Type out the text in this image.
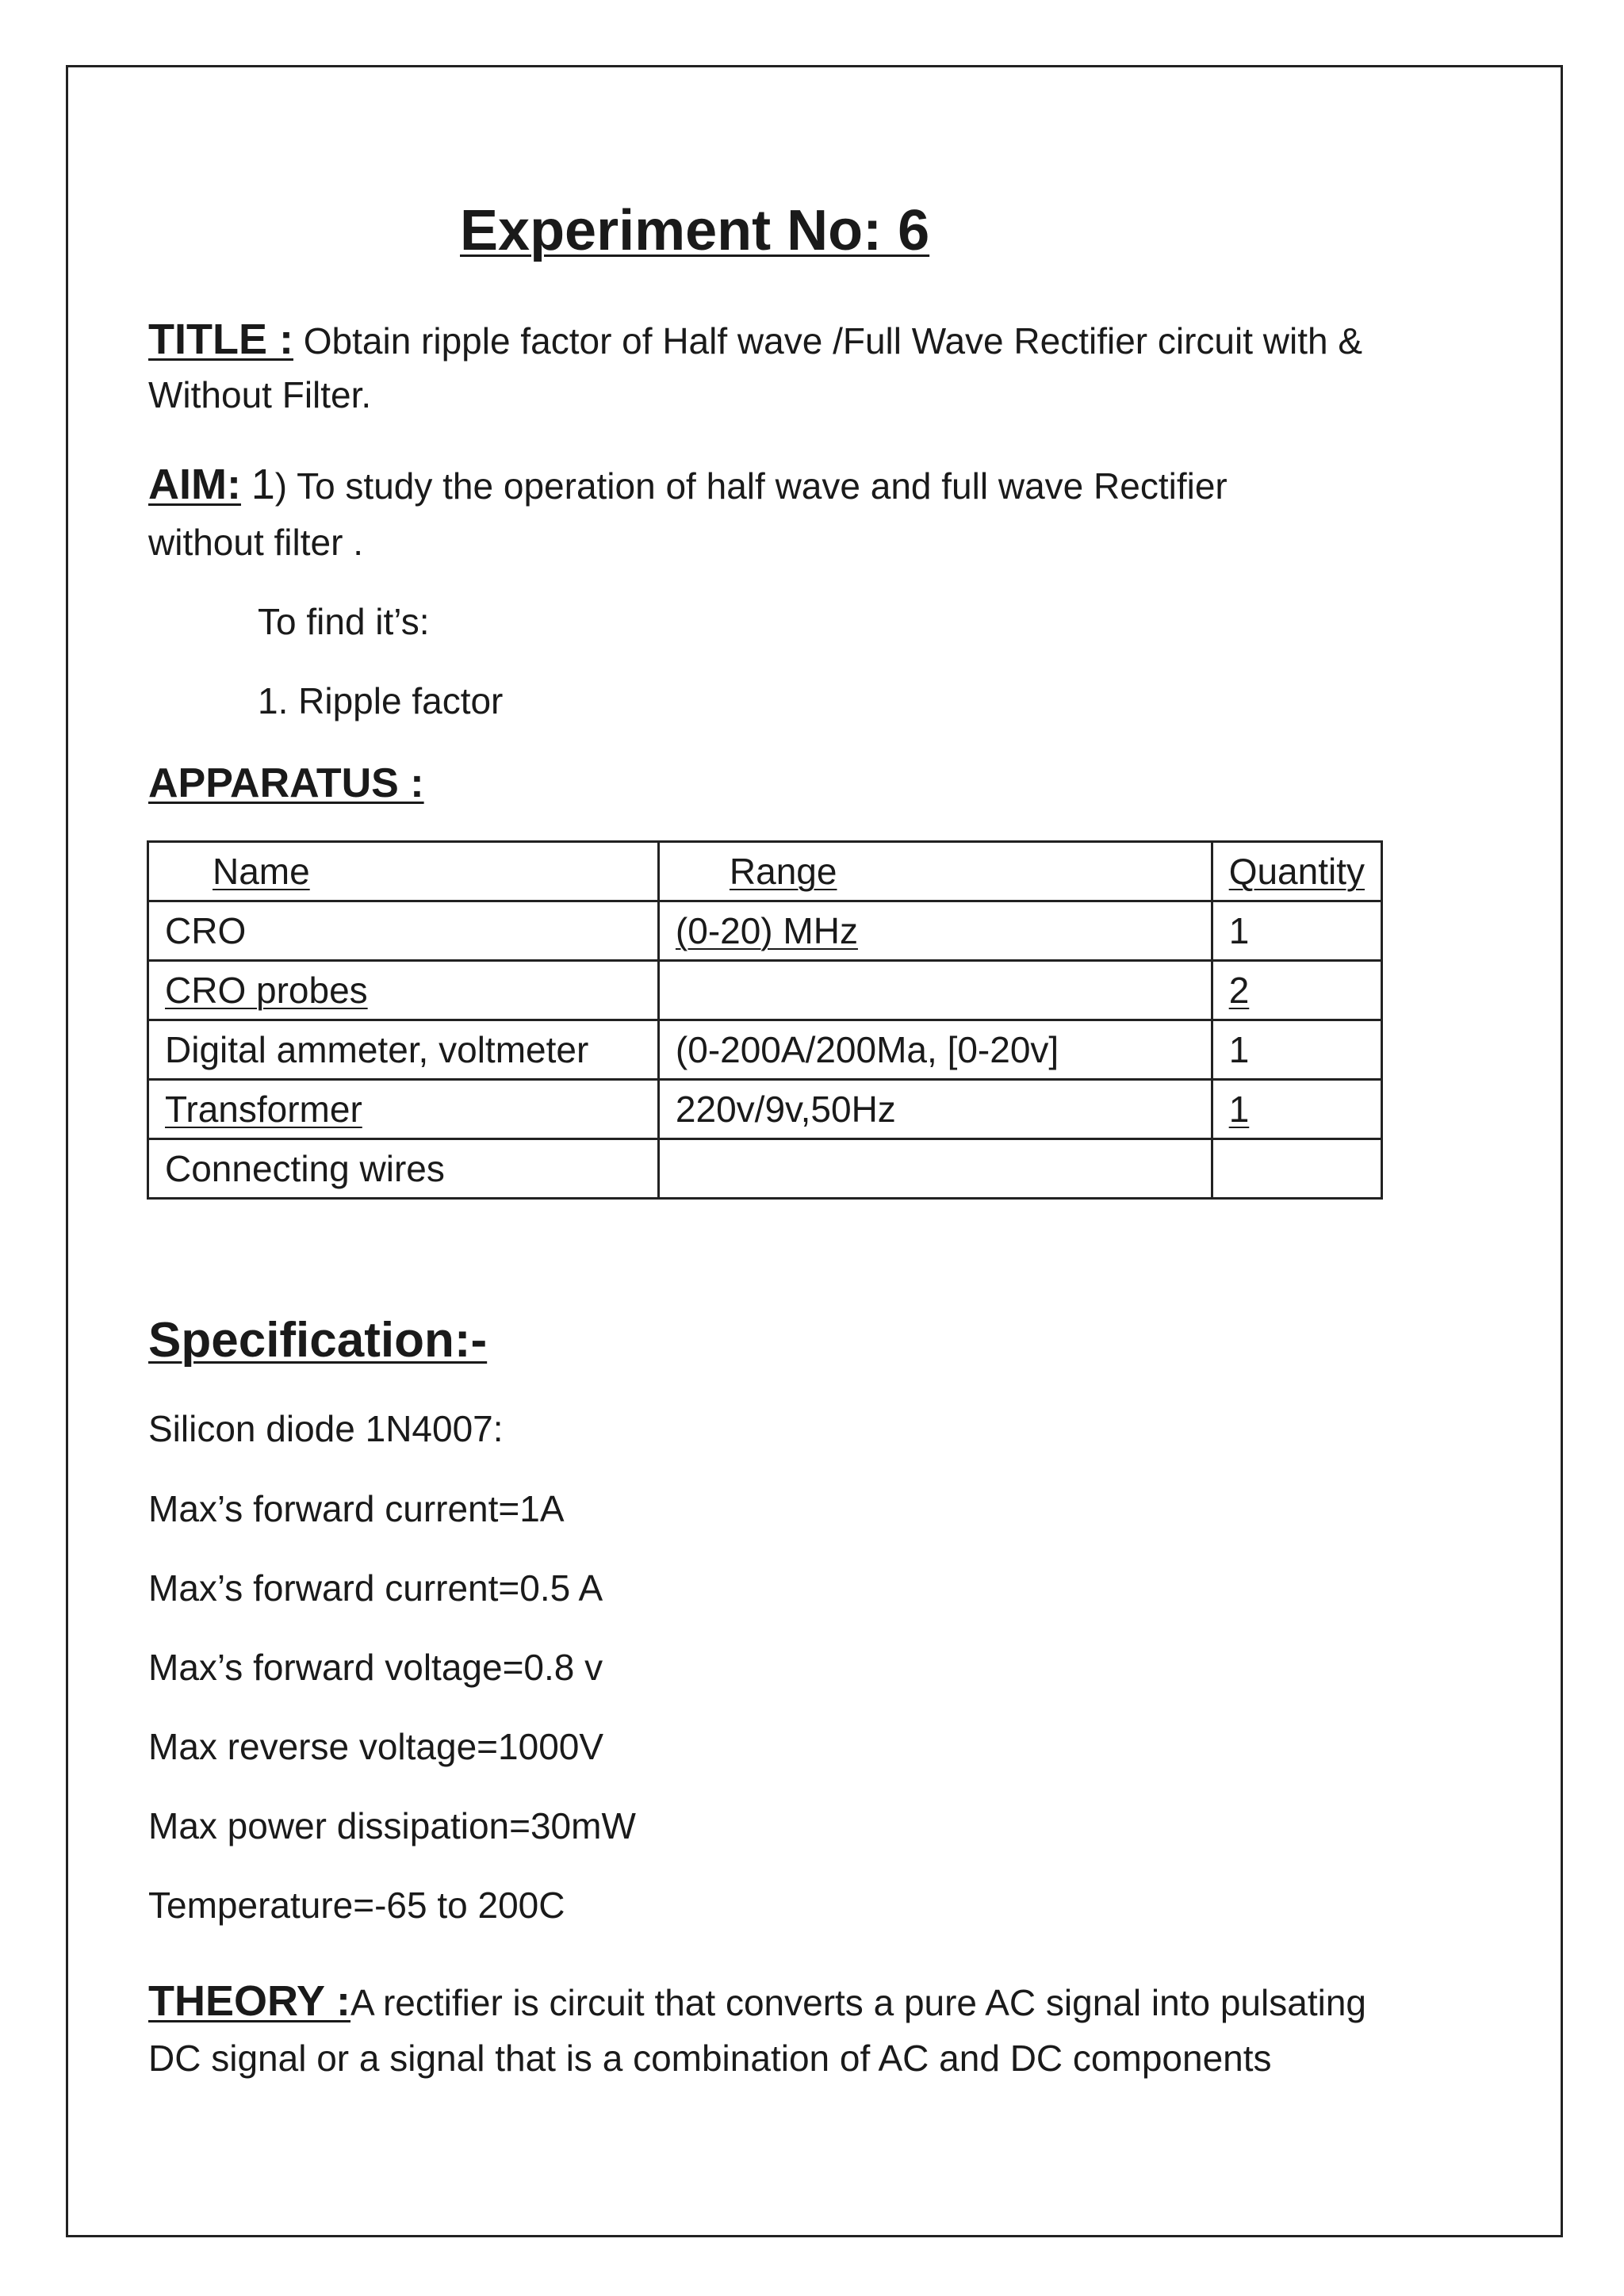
Experiment No: 6
TITLE : Obtain ripple factor of Half wave /Full Wave Rectifier circuit with &
Without Filter.
AIM: 1) To study the operation of half wave and full wave Rectifier
without filter .
To find it’s:
1. Ripple factor
APPARATUS :
Name	Range	Quantity
CRO	(0-20) MHz	1
CRO probes		2
Digital ammeter, voltmeter	(0-200A/200Ma, [0-20v]	1
Transformer	220v/9v,50Hz	1
Connecting wires		
Specification:-
Silicon diode 1N4007:
Max’s forward current=1A
Max’s forward current=0.5 A
Max’s forward voltage=0.8 v
Max reverse voltage=1000V
Max power dissipation=30mW
Temperature=-65 to 200C
THEORY :A rectifier is circuit that converts a pure AC signal into pulsating
DC signal or a signal that is a combination of AC and DC components
